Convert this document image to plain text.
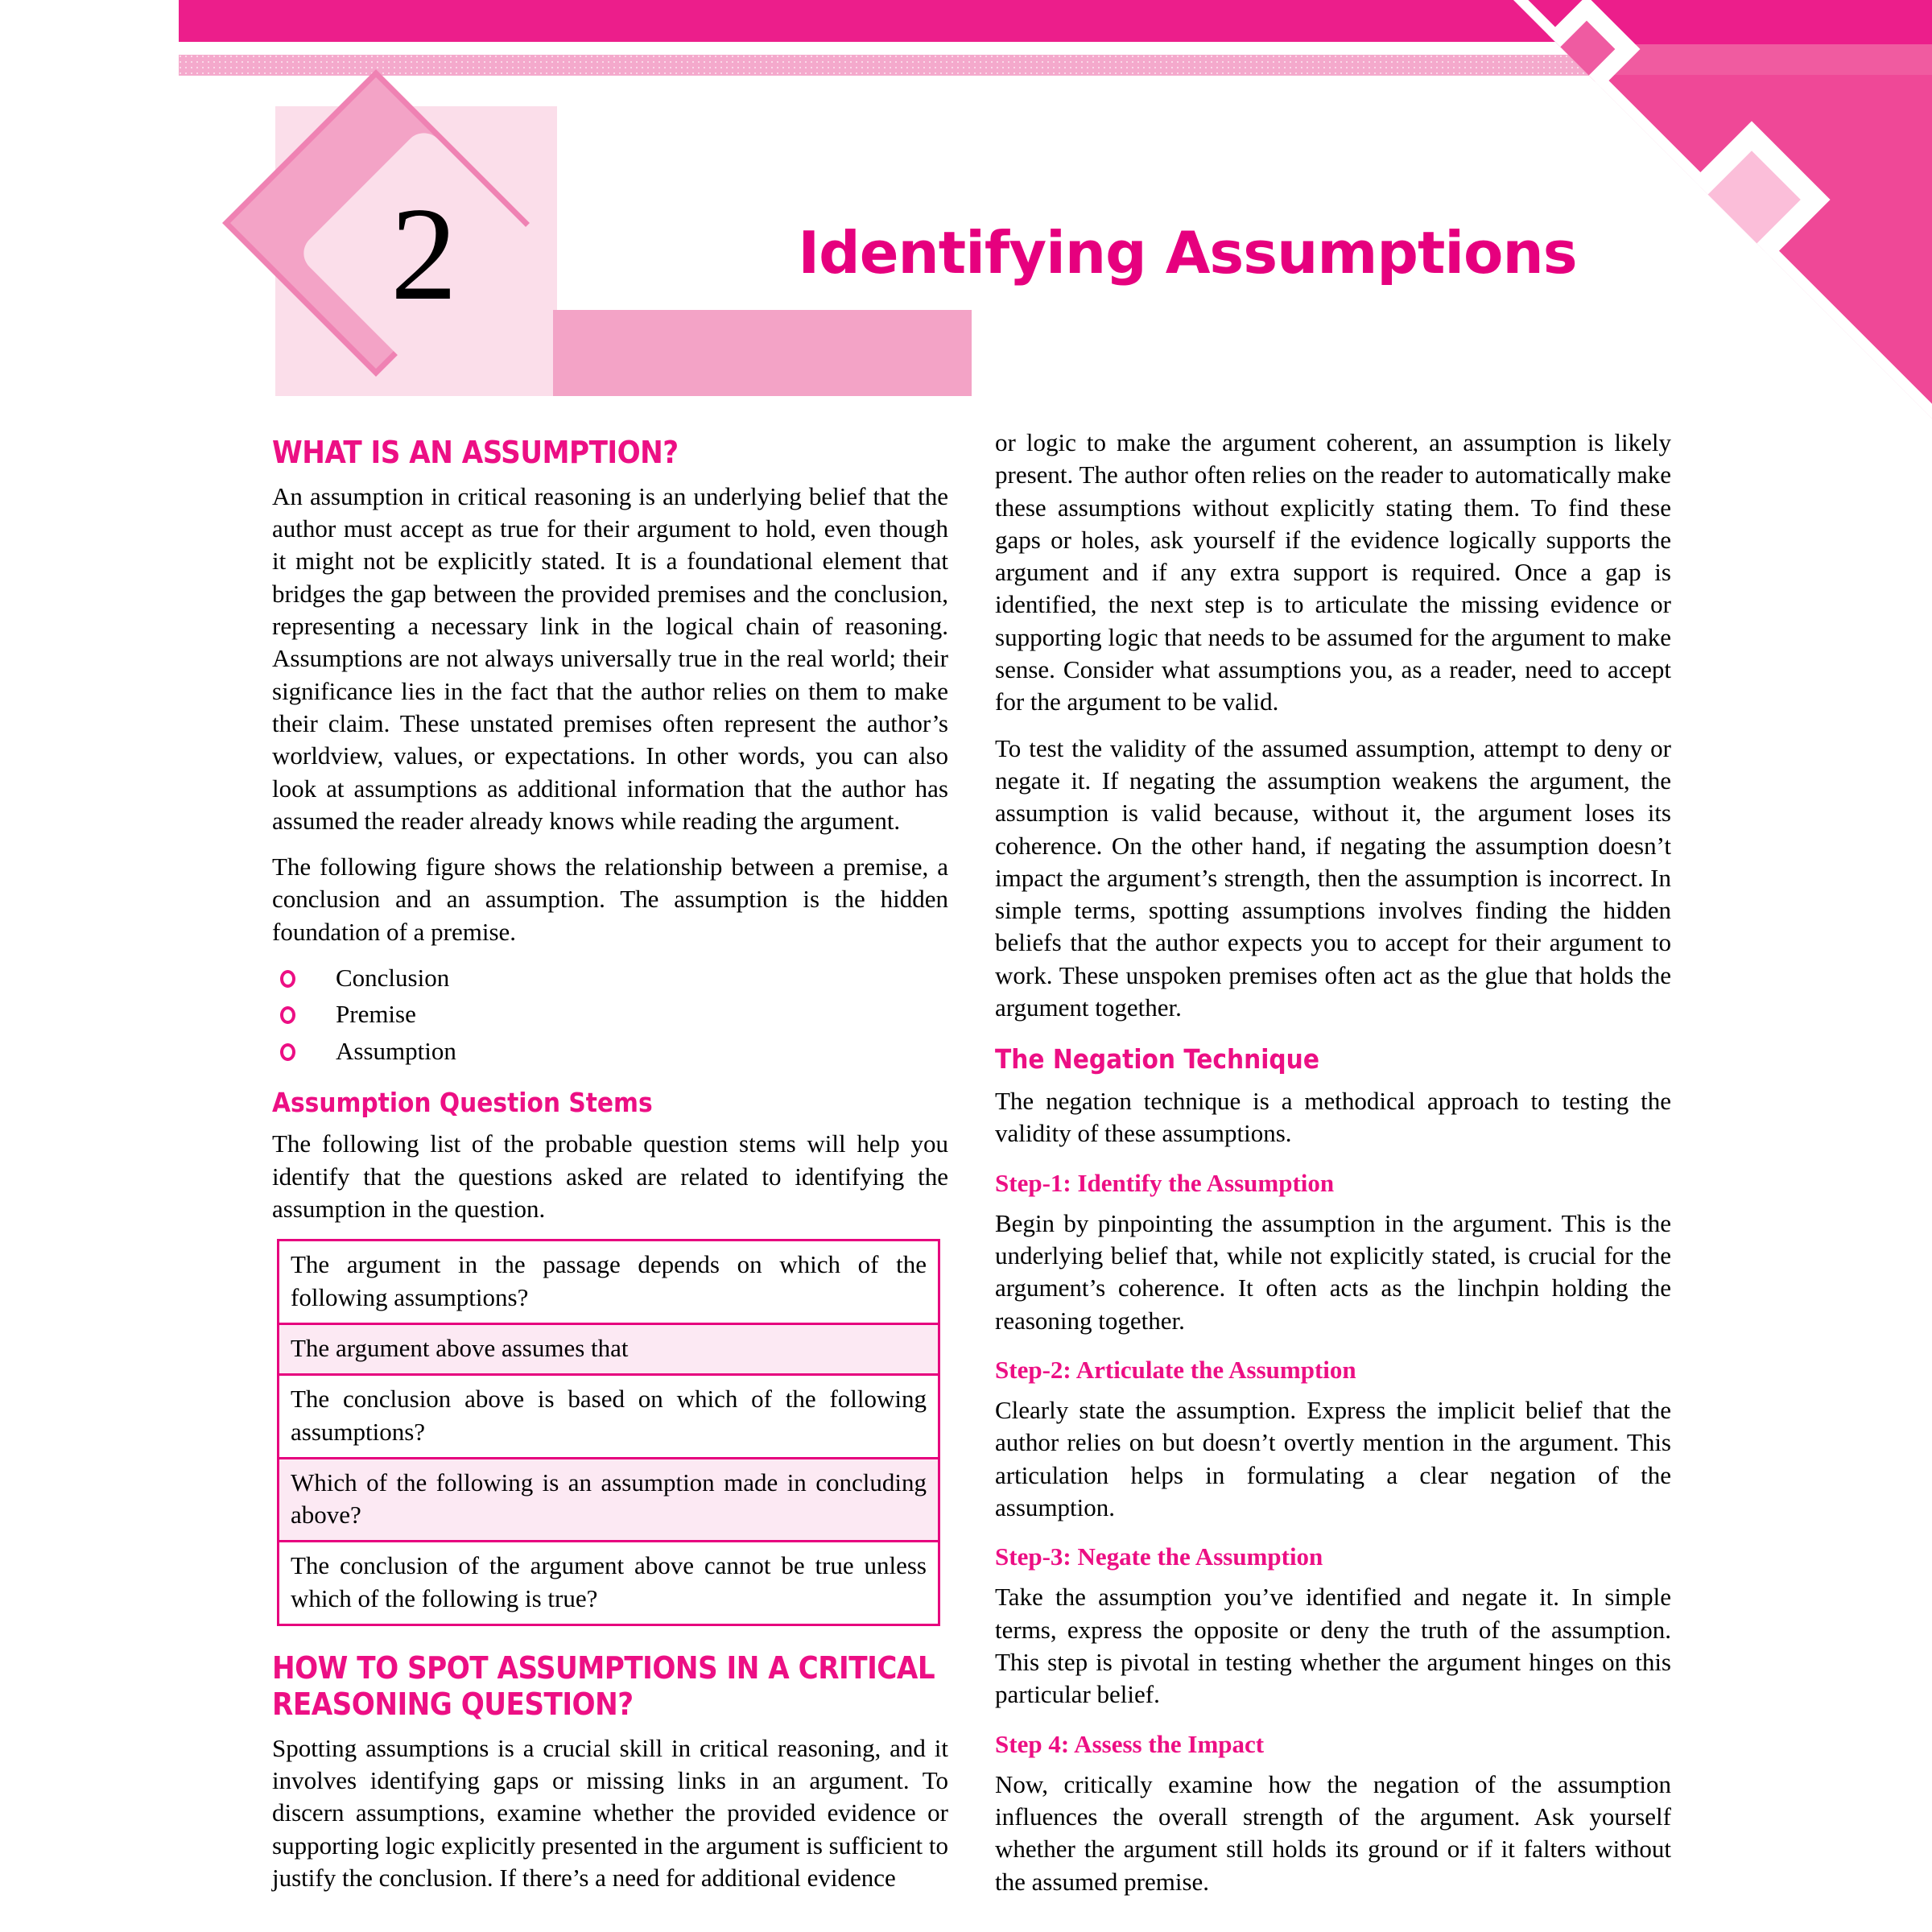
2	Identifying Assumptions
WHAT IS AN ASSUMPTION?

An assumption in critical reasoning is an underlying belief that the author must accept as true for their argument to hold, even though it might not be explicitly stated. It is a foundational element that bridges the gap between the provided premises and the conclusion, representing a necessary link in the logical chain of reasoning. Assumptions are not always universally true in the real world; their significance lies in the fact that the author relies on them to make their claim. These unstated premises often represent the author’s worldview, values, or expectations. In other words, you can also look at assumptions as additional information that the author has assumed the reader already knows while reading the argument.

The following figure shows the relationship between a premise, a conclusion and an assumption. The assumption is the hidden foundation of a premise.

Conclusion
Premise
Assumption
Assumption Question Stems

The following list of the probable question stems will help you identify that the questions asked are related to identifying the assumption in the question.

The argument in the passage depends on which of the following assumptions?
The argument above assumes that
The conclusion above is based on which of the following assumptions?
Which of the following is an assumption made in concluding above?
The conclusion of the argument above cannot be true unless which of the following is true?
HOW TO SPOT ASSUMPTIONS IN A CRITICAL REASONING QUESTION?

Spotting assumptions is a crucial skill in critical reasoning, and it involves identifying gaps or missing links in an argument. To discern assumptions, examine whether the provided evidence or supporting logic explicitly presented in the argument is sufficient to justify the conclusion. If there’s a need for additional evidence

or logic to make the argument coherent, an assumption is likely present. The author often relies on the reader to automatically make these assumptions without explicitly stating them. To find these gaps or holes, ask yourself if the evidence logically supports the argument and if any extra support is required. Once a gap is identified, the next step is to articulate the missing evidence or supporting logic that needs to be assumed for the argument to make sense. Consider what assumptions you, as a reader, need to accept for the argument to be valid.

To test the validity of the assumed assumption, attempt to deny or negate it. If negating the assumption weakens the argument, the assumption is valid because, without it, the argument loses its coherence. On the other hand, if negating the assumption doesn’t impact the argument’s strength, then the assumption is incorrect. In simple terms, spotting assumptions involves finding the hidden beliefs that the author expects you to accept for their argument to work. These unspoken premises often act as the glue that holds the argument together.

The Negation Technique

The negation technique is a methodical approach to testing the validity of these assumptions.

Step-1: Identify the Assumption

Begin by pinpointing the assumption in the argument. This is the underlying belief that, while not explicitly stated, is crucial for the argument’s coherence. It often acts as the linchpin holding the reasoning together.

Step-2: Articulate the Assumption

Clearly state the assumption. Express the implicit belief that the author relies on but doesn’t overtly mention in the argument. This articulation helps in formulating a clear negation of the assumption.

Step-3: Negate the Assumption

Take the assumption you’ve identified and negate it. In simple terms, express the opposite or deny the truth of the assumption. This step is pivotal in testing whether the argument hinges on this particular belief.

Step 4: Assess the Impact

Now, critically examine how the negation of the assumption influences the overall strength of the argument. Ask yourself whether the argument still holds its ground or if it falters without the assumed premise.
